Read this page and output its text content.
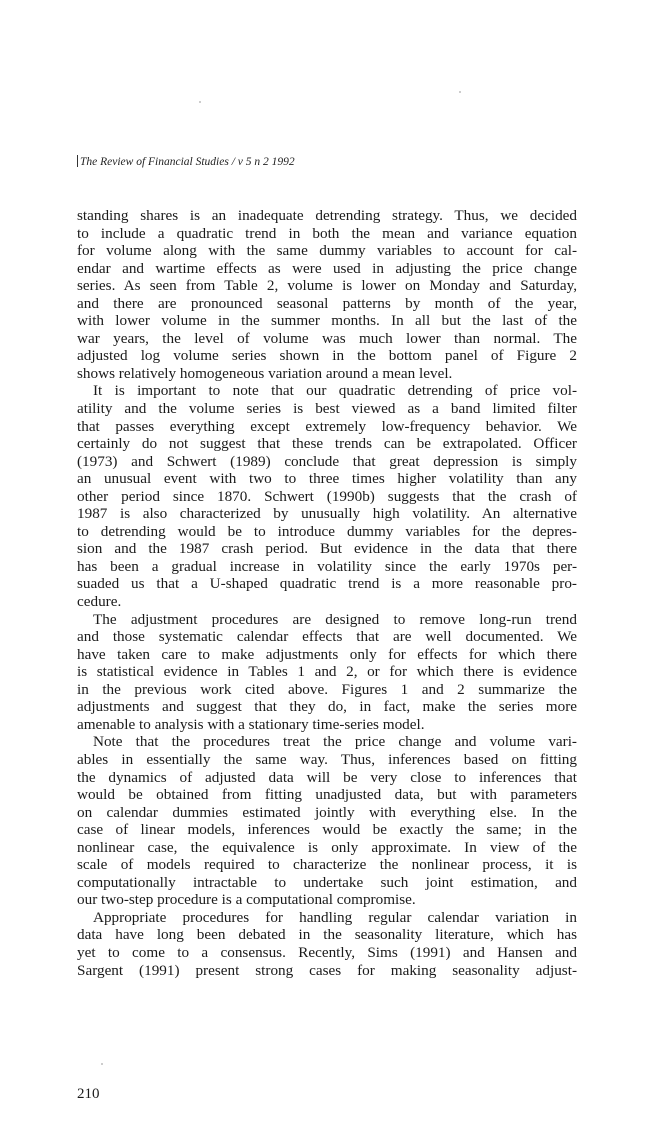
The Review of Financial Studies / v 5 n 2 1992

standing shares is an inadequate detrending strategy. Thus, we decided
to include a quadratic trend in both the mean and variance equation
for volume along with the same dummy variables to account for cal-
endar and wartime effects as were used in adjusting the price change
series. As seen from Table 2, volume is lower on Monday and Saturday,
and there are pronounced seasonal patterns by month of the year,
with lower volume in the summer months. In all but the last of the
war years, the level of volume was much lower than normal. The
adjusted log volume series shown in the bottom panel of Figure 2
shows relatively homogeneous variation around a mean level.

It is important to note that our quadratic detrending of price vol-
atility and the volume series is best viewed as a band limited filter
that passes everything except extremely low-frequency behavior. We
certainly do not suggest that these trends can be extrapolated. Officer
(1973) and Schwert (1989) conclude that great depression is simply
an unusual event with two to three times higher volatility than any
other period since 1870. Schwert (1990b) suggests that the crash of
1987 is also characterized by unusually high volatility. An alternative
to detrending would be to introduce dummy variables for the depres-
sion and the 1987 crash period. But evidence in the data that there
has been a gradual increase in volatility since the early 1970s per-
suaded us that a U-shaped quadratic trend is a more reasonable pro-
cedure.

The adjustment procedures are designed to remove long-run trend
and those systematic calendar effects that are well documented. We
have taken care to make adjustments only for effects for which there
is statistical evidence in Tables 1 and 2, or for which there is evidence
in the previous work cited above. Figures 1 and 2 summarize the
adjustments and suggest that they do, in fact, make the series more
amenable to analysis with a stationary time-series model.

Note that the procedures treat the price change and volume vari-
ables in essentially the same way. Thus, inferences based on fitting
the dynamics of adjusted data will be very close to inferences that
would be obtained from fitting unadjusted data, but with parameters
on calendar dummies estimated jointly with everything else. In the
case of linear models, inferences would be exactly the same; in the
nonlinear case, the equivalence is only approximate. In view of the
scale of models required to characterize the nonlinear process, it is
computationally intractable to undertake such joint estimation, and
our two-step procedure is a computational compromise.

Appropriate procedures for handling regular calendar variation in
data have long been debated in the seasonality literature, which has
yet to come to a consensus. Recently, Sims (1991) and Hansen and
Sargent (1991) present strong cases for making seasonality adjust-

210
